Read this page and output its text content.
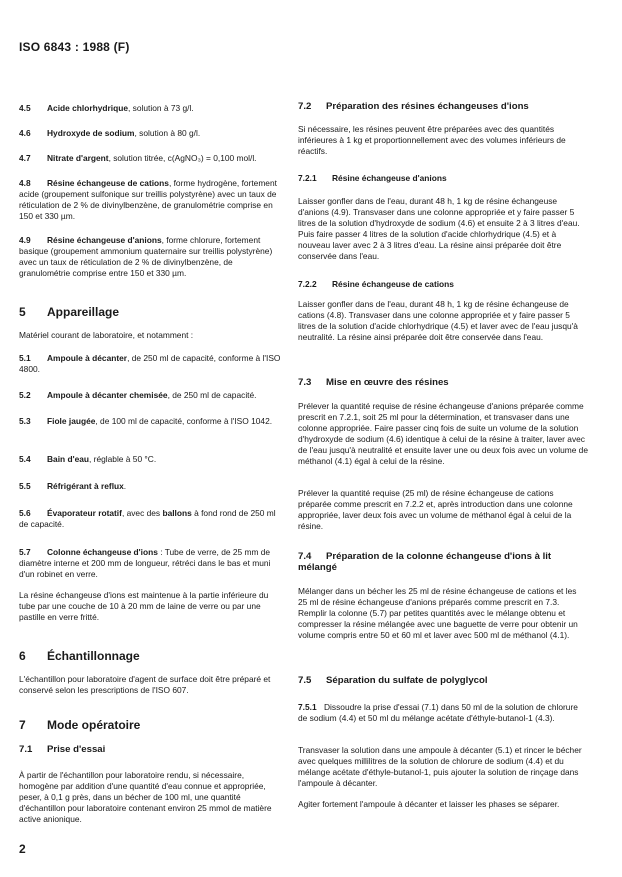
ISO 6843 : 1988 (F)

4.5 Acide chlorhydrique, solution à 73 g/l.

4.6 Hydroxyde de sodium, solution à 80 g/l.

4.7 Nitrate d'argent, solution titrée, c(AgNO₃) = 0,100 mol/l.

4.8 Résine échangeuse de cations, forme hydrogène, fortement acide (groupement sulfonique sur treillis polystyrène) avec un taux de réticulation de 2 % de divinylbenzène, de granulométrie comprise en 150 et 330 µm.

4.9 Résine échangeuse d'anions, forme chlorure, fortement basique (groupement ammonium quaternaire sur treillis polystyrène) avec un taux de réticulation de 2 % de divinylbenzène, de granulométrie comprise entre 150 et 330 µm.

5 Appareillage

Matériel courant de laboratoire, et notamment :

5.1 Ampoule à décanter, de 250 ml de capacité, conforme à l'ISO 4800.

5.2 Ampoule à décanter chemisée, de 250 ml de capacité.

5.3 Fiole jaugée, de 100 ml de capacité, conforme à l'ISO 1042.

5.4 Bain d'eau, réglable à 50 °C.

5.5 Réfrigérant à reflux.

5.6 Évaporateur rotatif, avec des ballons à fond rond de 250 ml de capacité.

5.7 Colonne échangeuse d'ions : Tube de verre, de 25 mm de diamètre interne et 200 mm de longueur, rétréci dans le bas et muni d'un robinet en verre.

La résine échangeuse d'ions est maintenue à la partie inférieure du tube par une couche de 10 à 20 mm de laine de verre ou par une pastille en verre fritté.

6 Échantillonnage

L'échantillon pour laboratoire d'agent de surface doit être préparé et conservé selon les prescriptions de l'ISO 607.

7 Mode opératoire
7.1 Prise d'essai

À partir de l'échantillon pour laboratoire rendu, si nécessaire, homogène par addition d'une quantité d'eau connue et appropriée, peser, à 0,1 g près, dans un bécher de 100 ml, une quantité d'échantillon pour laboratoire contenant environ 25 mmol de matière active anionique.

7.2 Préparation des résines échangeuses d'ions

Si nécessaire, les résines peuvent être préparées avec des quantités inférieures à 1 kg et proportionnellement avec des volumes inférieurs de réactifs.

7.2.1 Résine échangeuse d'anions

Laisser gonfler dans de l'eau, durant 48 h, 1 kg de résine échangeuse d'anions (4.9). Transvaser dans une colonne appropriée et y faire passer 5 litres de la solution d'hydroxyde de sodium (4.6) et ensuite 2 à 3 litres d'eau. Puis faire passer 4 litres de la solution d'acide chlorhydrique (4.5) et à nouveau laver avec 2 à 3 litres d'eau. La résine ainsi préparée doit être conservée dans l'eau.

7.2.2 Résine échangeuse de cations

Laisser gonfler dans de l'eau, durant 48 h, 1 kg de résine échangeuse de cations (4.8). Transvaser dans une colonne appropriée et y faire passer 5 litres de la solution d'acide chlorhydrique (4.5) et laver avec de l'eau jusqu'à neutralité. La résine ainsi préparée doit être conservée dans l'eau.

7.3 Mise en œuvre des résines

Prélever la quantité requise de résine échangeuse d'anions préparée comme prescrit en 7.2.1, soit 25 ml pour la détermination, et transvaser dans une colonne appropriée. Faire passer cinq fois de suite un volume de la solution d'hydroxyde de sodium (4.6) identique à celui de la résine à traiter, laver avec de l'eau jusqu'à neutralité et ensuite laver une ou deux fois avec un volume de méthanol (4.1) égal à celui de la résine.

Prélever la quantité requise (25 ml) de résine échangeuse de cations préparée comme prescrit en 7.2.2 et, après introduction dans une colonne appropriée, laver deux fois avec un volume de méthanol égal à celui de la résine.

7.4 Préparation de la colonne échangeuse d'ions à lit mélangé

Mélanger dans un bécher les 25 ml de résine échangeuse de cations et les 25 ml de résine échangeuse d'anions préparés comme prescrit en 7.3. Remplir la colonne (5.7) par petites quantités avec le mélange obtenu et compresser la résine mélangée avec une baguette de verre pour obtenir un volume compris entre 50 et 60 ml et laver avec 500 ml de méthanol (4.1).

7.5 Séparation du sulfate de polyglycol

7.5.1 Dissoudre la prise d'essai (7.1) dans 50 ml de la solution de chlorure de sodium (4.4) et 50 ml du mélange acétate d'éthyle-butanol-1 (4.3).

Transvaser la solution dans une ampoule à décanter (5.1) et rincer le bécher avec quelques millilitres de la solution de chlorure de sodium (4.4) et du mélange acétate d'éthyle-butanol-1, puis ajouter la solution de rinçage dans l'ampoule à décanter.

Agiter fortement l'ampoule à décanter et laisser les phases se séparer.

2
